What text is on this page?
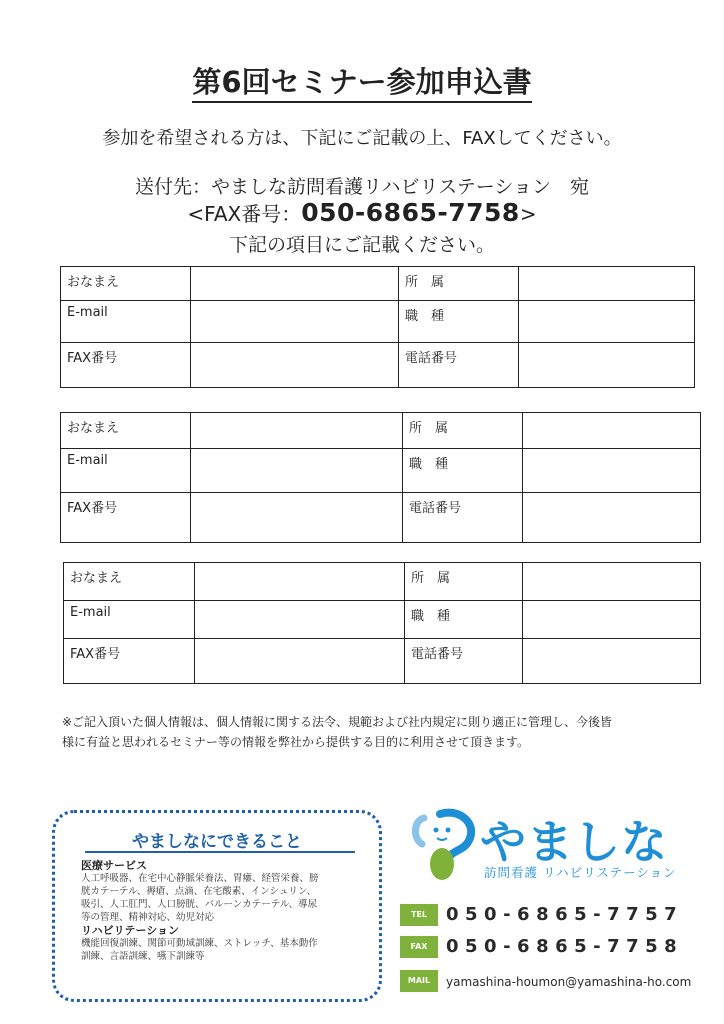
第6回セミナー参加申込書
参加を希望される方は、下記にご記載の上、FAXしてください。
送付先：やましな訪問看護リハビリステーション　宛
<FAX番号：050-6865-7758>
下記の項目にご記載ください。
おなまえ		所　属	
E-mail		職　種	
FAX番号		電話番号	
おなまえ		所　属	
E-mail		職　種	
FAX番号		電話番号	
おなまえ		所　属	
E-mail		職　種	
FAX番号		電話番号	
※ご記入頂いた個人情報は、個人情報に関する法令、規範および社内規定に則り適正に管理し、今後皆
様に有益と思われるセミナー等の情報を弊社から提供する目的に利用させて頂きます。
やましなにできること
医療サービス
人工呼吸器、在宅中心静脈栄養法、胃瘻、経管栄養、膀
胱カテーテル、褥瘡、点滴、在宅酸素、インシュリン、
吸引、人工肛門、人口膀胱、バルーンカテーテル、導尿
等の管理、精神対応、幼児対応
リハビリテーション
機能回復訓練、関節可動域訓練、ストレッチ、基本動作
訓練、言語訓練、嚥下訓練等
やましな
訪問看護 リハビリステーション
TEL	050-6865-7757
FAX	050-6865-7758
MAIL	yamashina-houmon@yamashina-ho.com
